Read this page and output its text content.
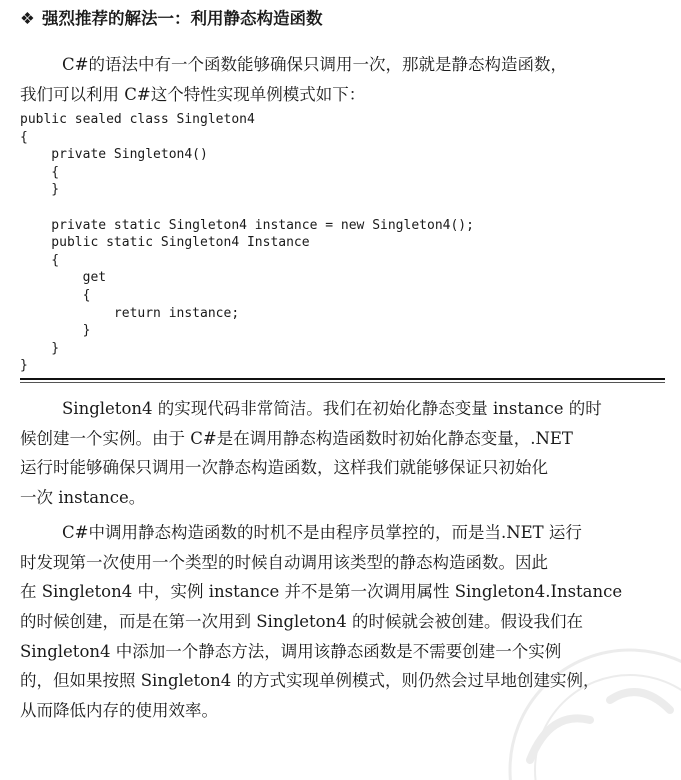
❖ 强烈推荐的解法一：利用静态构造函数
C#的语法中有一个函数能够确保只调用一次，那就是静态构造函数，
我们可以利用 C#这个特性实现单例模式如下：
public sealed class Singleton4
{
private Singleton4()
{
}
private static Singleton4 instance = new Singleton4();
public static Singleton4 Instance
{
get
{
return instance;
}
}
}
Singleton4 的实现代码非常简洁。我们在初始化静态变量 instance 的时
候创建一个实例。由于 C#是在调用静态构造函数时初始化静态变量，.NET
运行时能够确保只调用一次静态构造函数，这样我们就能够保证只初始化
一次 instance。
C#中调用静态构造函数的时机不是由程序员掌控的，而是当.NET 运行
时发现第一次使用一个类型的时候自动调用该类型的静态构造函数。因此
在 Singleton4 中，实例 instance 并不是第一次调用属性 Singleton4.Instance
的时候创建，而是在第一次用到 Singleton4 的时候就会被创建。假设我们在
Singleton4 中添加一个静态方法，调用该静态函数是不需要创建一个实例
的，但如果按照 Singleton4 的方式实现单例模式，则仍然会过早地创建实例，
从而降低内存的使用效率。
